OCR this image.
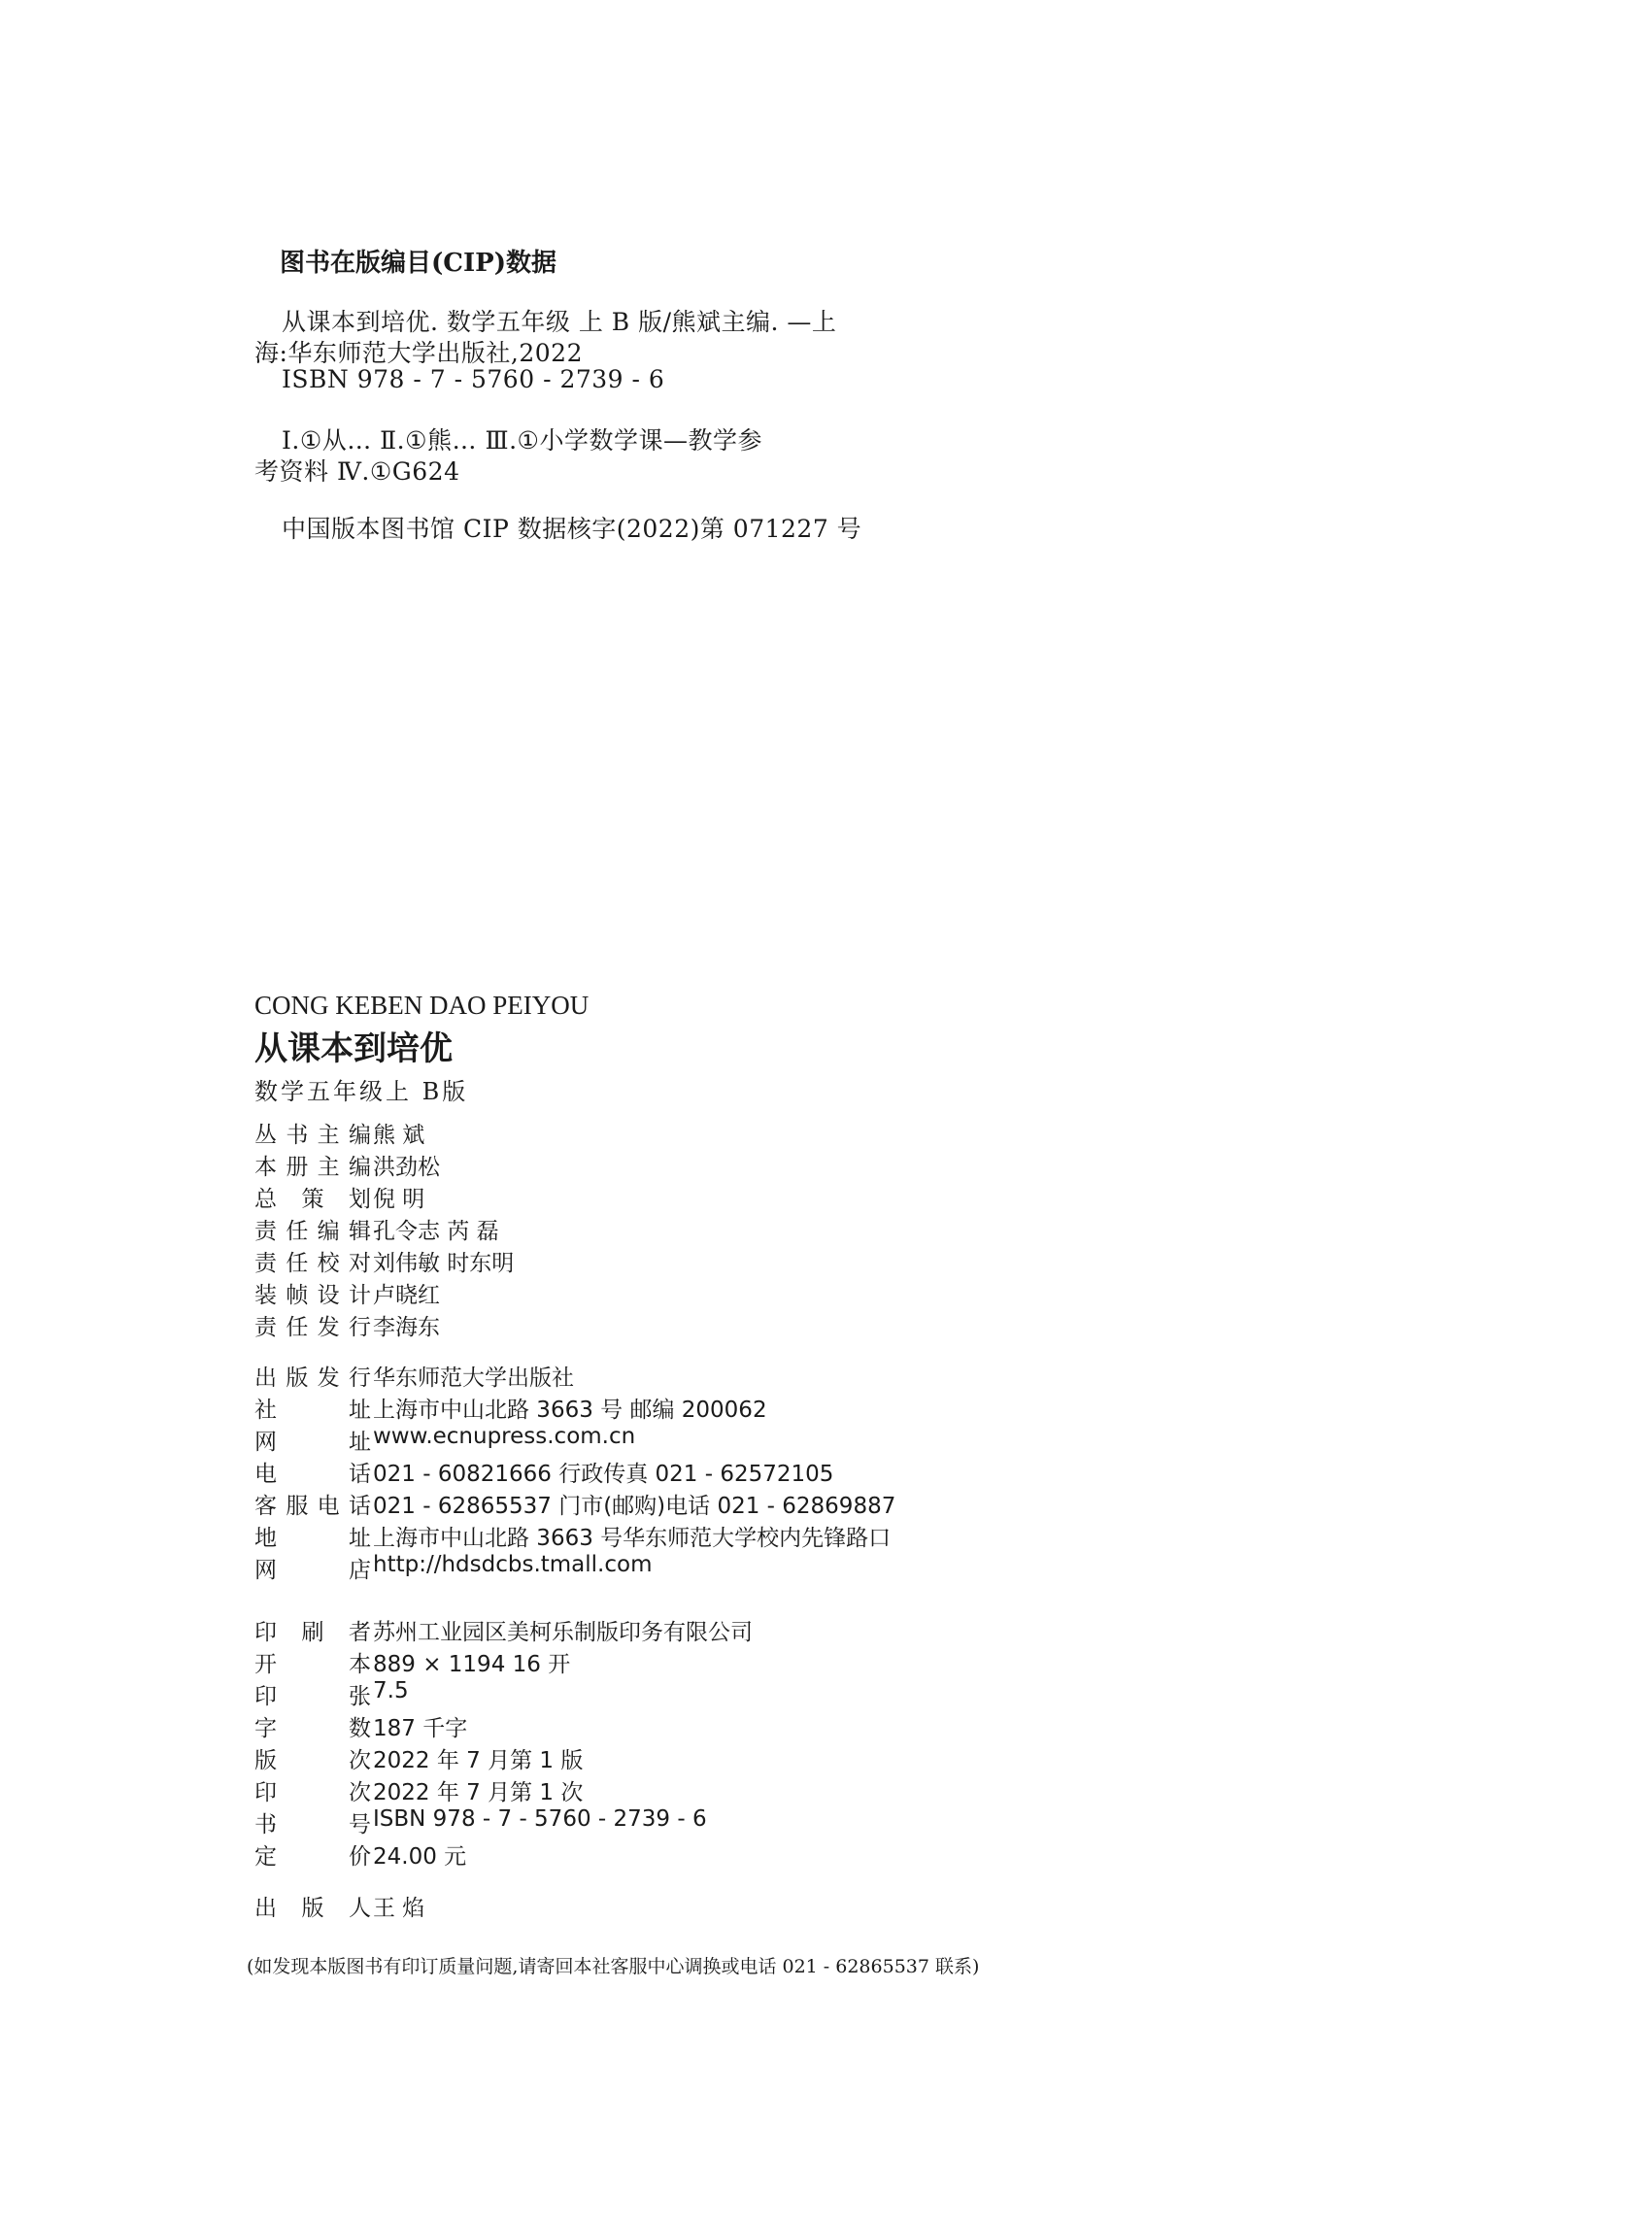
图书在版编目(CIP)数据
从课本到培优. 数学五年级 上 B 版/熊斌主编. —上
海:华东师范大学出版社,2022
ISBN 978 - 7 - 5760 - 2739 - 6
Ⅰ.①从… Ⅱ.①熊… Ⅲ.①小学数学课—教学参
考资料 Ⅳ.①G624
中国版本图书馆 CIP 数据核字(2022)第 071227 号
CONG KEBEN DAO PEIYOU
从课本到培优
数学五年级上 B版
丛 书 主 编 熊 斌
本 册 主 编 洪劲松
总 策 划 倪 明
责 任 编 辑 孔令志 芮 磊
责 任 校 对 刘伟敏 时东明
装 帧 设 计 卢晓红
责 任 发 行 李海东
出 版 发 行 华东师范大学出版社
社	址 上海市中山北路 3663 号 邮编 200062
网	址 www.ecnupress.com.cn
电	话 021 - 60821666 行政传真 021 - 62572105
客 服 电 话 021 - 62865537 门市(邮购)电话 021 - 62869887
地	址 上海市中山北路 3663 号华东师范大学校内先锋路口
网	店 http://hdsdcbs.tmall.com
印 刷 者 苏州工业园区美柯乐制版印务有限公司
开	本 889 × 1194 16 开
印	张 7.5
字	数 187 千字
版	次 2022 年 7 月第 1 版
印	次 2022 年 7 月第 1 次
书	号 ISBN 978 - 7 - 5760 - 2739 - 6
定	价 24.00 元
出 版 人 王 焰
(如发现本版图书有印订质量问题,请寄回本社客服中心调换或电话 021 - 62865537 联系)
